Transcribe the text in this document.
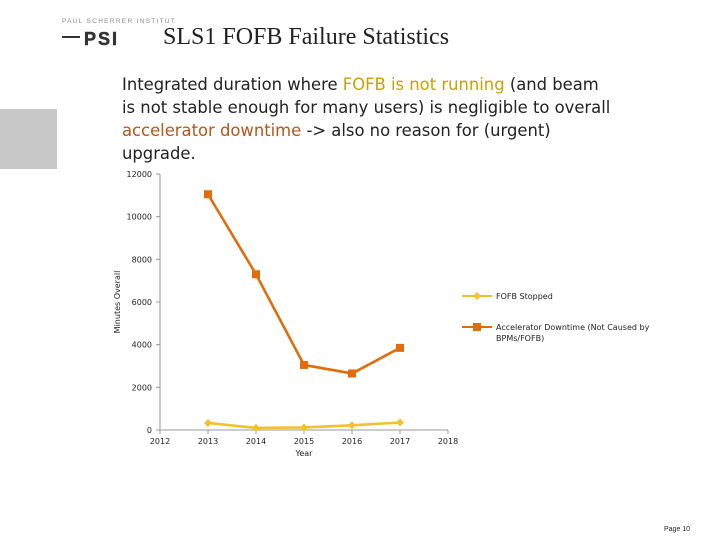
PAUL SCHERRER INSTITUT
PSI SLS1 FOFB Failure Statistics
Integrated duration where FOFB is not running (and beam is not stable enough for many users) is negligible to overall accelerator downtime -> also no reason for (urgent) upgrade.
0
2000
4000
6000
8000
10000
12000
2012	2013	2014	2015	2016	2017	2018
Year
Minutes Overall	FOFB Stopped
Accelerator Downtime (Not Caused by
BPMs/FOFB)
Page 10
